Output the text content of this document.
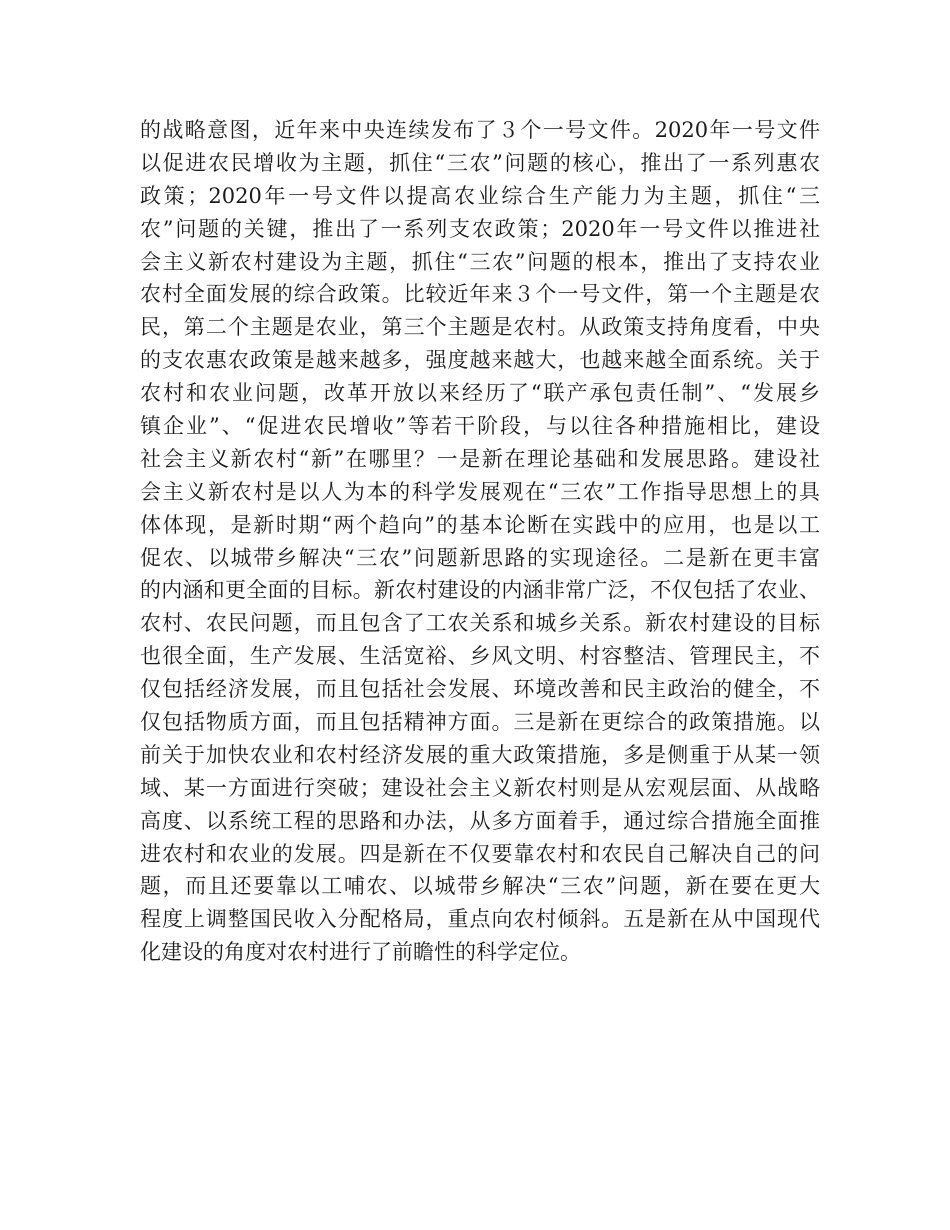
的战略意图，近年来中央连续发布了３个一号文件。2020年一号文件
以促进农民增收为主题，抓住“三农”问题的核心，推出了一系列惠农
政策；2020年一号文件以提高农业综合生产能力为主题，抓住“三
农”问题的关键，推出了一系列支农政策；2020年一号文件以推进社
会主义新农村建设为主题，抓住“三农”问题的根本，推出了支持农业
农村全面发展的综合政策。比较近年来３个一号文件，第一个主题是农
民，第二个主题是农业，第三个主题是农村。从政策支持角度看，中央
的支农惠农政策是越来越多，强度越来越大，也越来越全面系统。关于
农村和农业问题，改革开放以来经历了“联产承包责任制”、“发展乡
镇企业”、“促进农民增收”等若干阶段，与以往各种措施相比，建设
社会主义新农村“新”在哪里？一是新在理论基础和发展思路。建设社
会主义新农村是以人为本的科学发展观在“三农”工作指导思想上的具
体体现，是新时期“两个趋向”的基本论断在实践中的应用，也是以工
促农、以城带乡解决“三农”问题新思路的实现途径。二是新在更丰富
的内涵和更全面的目标。新农村建设的内涵非常广泛，不仅包括了农业、
农村、农民问题，而且包含了工农关系和城乡关系。新农村建设的目标
也很全面，生产发展、生活宽裕、乡风文明、村容整洁、管理民主，不
仅包括经济发展，而且包括社会发展、环境改善和民主政治的健全，不
仅包括物质方面，而且包括精神方面。三是新在更综合的政策措施。以
前关于加快农业和农村经济发展的重大政策措施，多是侧重于从某一领
域、某一方面进行突破；建设社会主义新农村则是从宏观层面、从战略
高度、以系统工程的思路和办法，从多方面着手，通过综合措施全面推
进农村和农业的发展。四是新在不仅要靠农村和农民自己解决自己的问
题，而且还要靠以工哺农、以城带乡解决“三农”问题，新在要在更大
程度上调整国民收入分配格局，重点向农村倾斜。五是新在从中国现代
化建设的角度对农村进行了前瞻性的科学定位。
